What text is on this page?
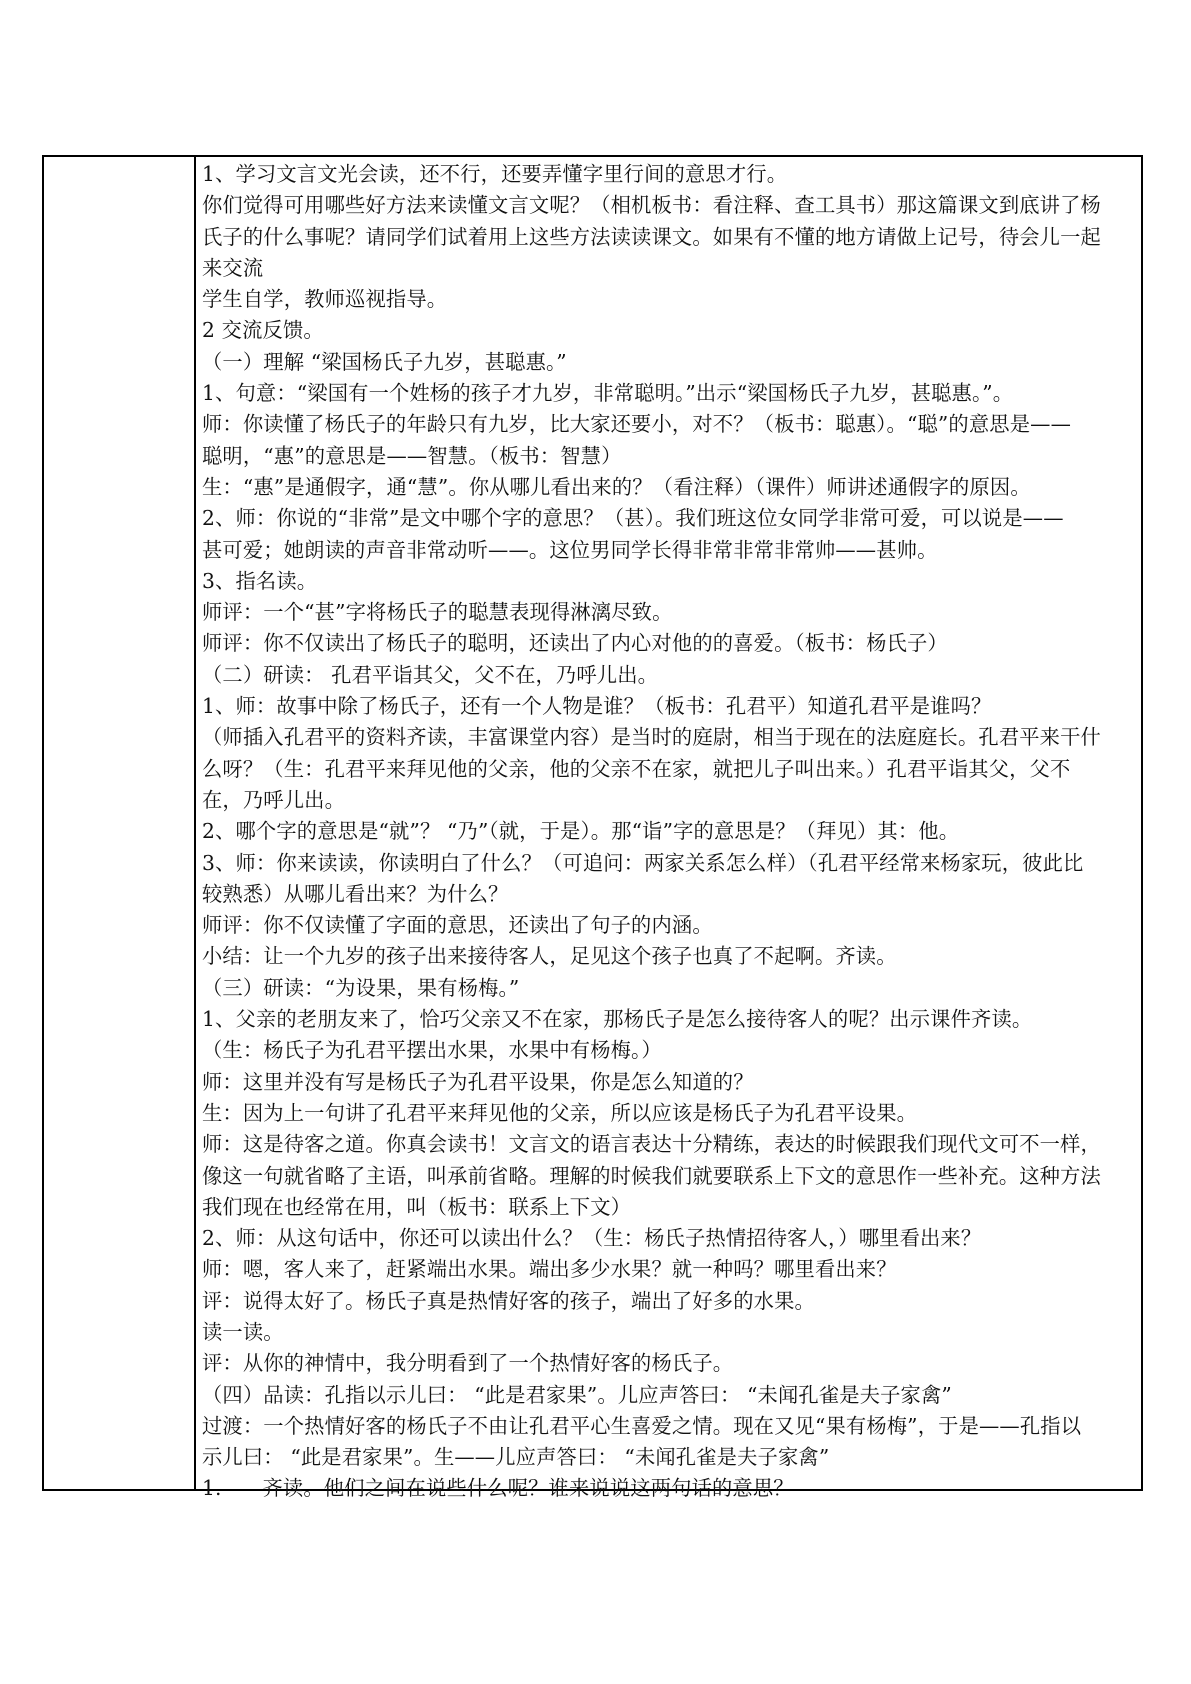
1、学习文言文光会读，还不行，还要弄懂字里行间的意思才行。
你们觉得可用哪些好方法来读懂文言文呢？（相机板书：看注释、查工具书）那这篇课文到底讲了杨
氏子的什么事呢？请同学们试着用上这些方法读读课文。如果有不懂的地方请做上记号，待会儿一起
来交流
学生自学，教师巡视指导。
2 交流反馈。
（一）理解 “梁国杨氏子九岁，甚聪惠。”
1、句意：“梁国有一个姓杨的孩子才九岁，非常聪明。”出示“梁国杨氏子九岁，甚聪惠。”。
师：你读懂了杨氏子的年龄只有九岁，比大家还要小，对不？（板书：聪惠）。“聪”的意思是——
聪明，“惠”的意思是——智慧。（板书：智慧）
生：“惠”是通假字，通“慧”。你从哪儿看出来的？（看注释）（课件）师讲述通假字的原因。
2、师：你说的“非常”是文中哪个字的意思？（甚）。我们班这位女同学非常可爱，可以说是——
甚可爱；她朗读的声音非常动听——。这位男同学长得非常非常非常帅——甚帅。
3、指名读。
师评：一个“甚”字将杨氏子的聪慧表现得淋漓尽致。
师评：你不仅读出了杨氏子的聪明，还读出了内心对他的的喜爱。（板书：杨氏子）
（二）研读： 孔君平诣其父，父不在，乃呼儿出。
1、师：故事中除了杨氏子，还有一个人物是谁？（板书：孔君平）知道孔君平是谁吗？
（师插入孔君平的资料齐读，丰富课堂内容）是当时的庭尉，相当于现在的法庭庭长。孔君平来干什
么呀？（生：孔君平来拜见他的父亲，他的父亲不在家，就把儿子叫出来。）孔君平诣其父，父不
在，乃呼儿出。
2、哪个字的意思是“就”？ “乃”（就，于是）。那“诣”字的意思是？（拜见）其：他。
3、师：你来读读，你读明白了什么？（可追问：两家关系怎么样）（孔君平经常来杨家玩，彼此比
较熟悉）从哪儿看出来？为什么？
师评：你不仅读懂了字面的意思，还读出了句子的内涵。
小结：让一个九岁的孩子出来接待客人，足见这个孩子也真了不起啊。齐读。
（三）研读：“为设果，果有杨梅。”
1、父亲的老朋友来了，恰巧父亲又不在家，那杨氏子是怎么接待客人的呢？出示课件齐读。
（生：杨氏子为孔君平摆出水果，水果中有杨梅。）
师：这里并没有写是杨氏子为孔君平设果，你是怎么知道的？
生：因为上一句讲了孔君平来拜见他的父亲，所以应该是杨氏子为孔君平设果。
师：这是待客之道。你真会读书！文言文的语言表达十分精练，表达的时候跟我们现代文可不一样，
像这一句就省略了主语，叫承前省略。理解的时候我们就要联系上下文的意思作一些补充。这种方法
我们现在也经常在用，叫（板书：联系上下文）
2、师：从这句话中，你还可以读出什么？（生：杨氏子热情招待客人，）哪里看出来？
师：嗯，客人来了，赶紧端出水果。端出多少水果？就一种吗？哪里看出来？
评：说得太好了。杨氏子真是热情好客的孩子，端出了好多的水果。
读一读。
评：从你的神情中，我分明看到了一个热情好客的杨氏子。
（四）品读：孔指以示儿曰： “此是君家果”。儿应声答曰： “未闻孔雀是夫子家禽”
过渡：一个热情好客的杨氏子不由让孔君平心生喜爱之情。现在又见“果有杨梅”，于是——孔指以
示儿曰： “此是君家果”。生——儿应声答曰： “未闻孔雀是夫子家禽”
1.　　齐读。他们之间在说些什么呢？谁来说说这两句话的意思？
